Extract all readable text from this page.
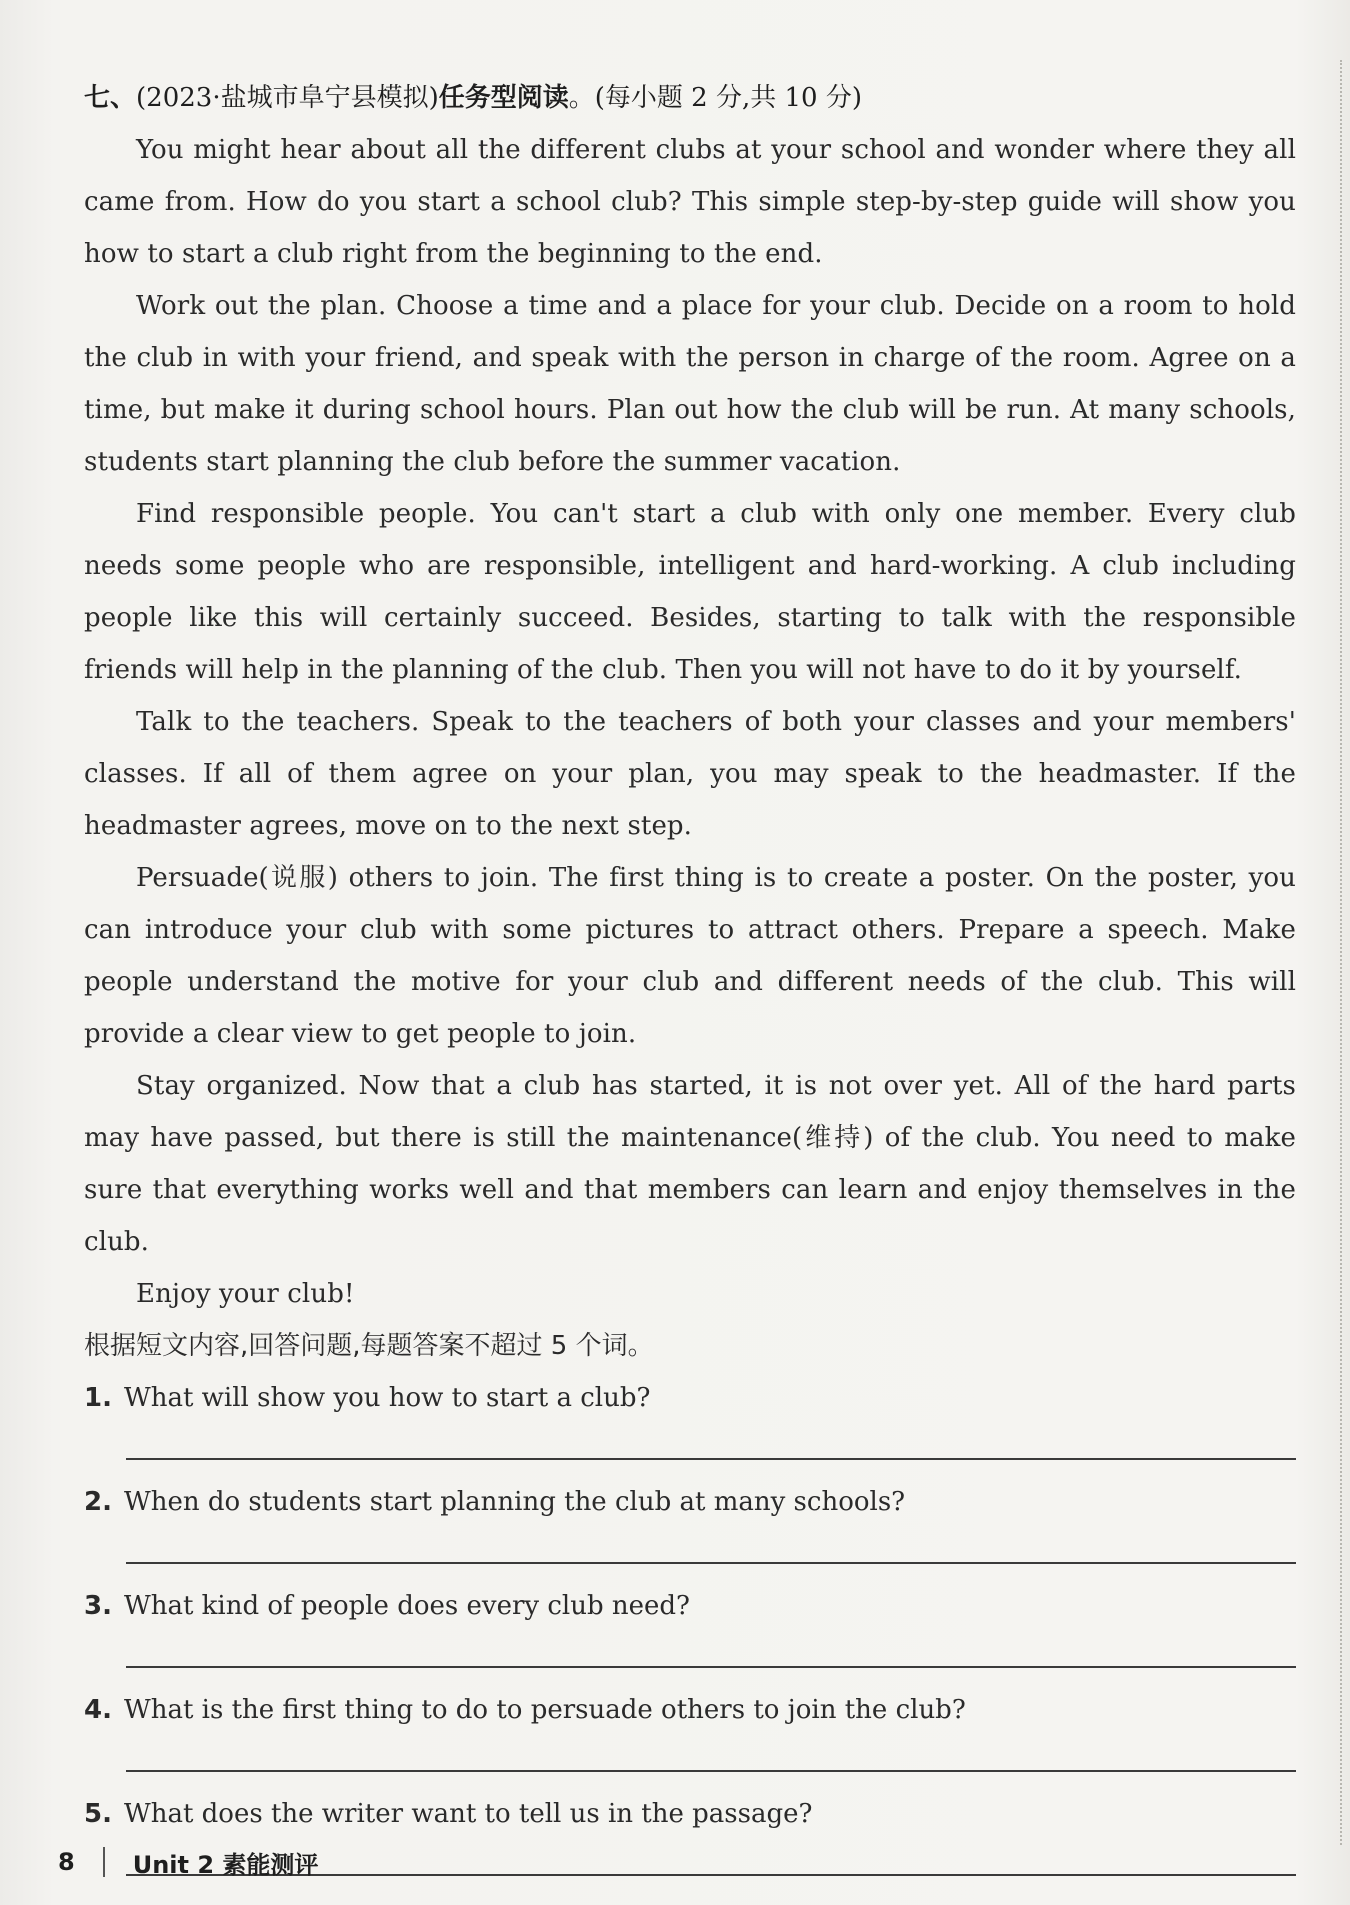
七、(2023·盐城市阜宁县模拟)任务型阅读。(每小题 2 分,共 10 分)

You might hear about all the different clubs at your school and wonder where they all came from. How do you start a school club? This simple step-by-step guide will show you how to start a club right from the beginning to the end.

Work out the plan. Choose a time and a place for your club. Decide on a room to hold the club in with your friend, and speak with the person in charge of the room. Agree on a time, but make it during school hours. Plan out how the club will be run. At many schools, students start planning the club before the summer vacation.

Find responsible people. You can't start a club with only one member. Every club needs some people who are responsible, intelligent and hard-working. A club including people like this will certainly succeed. Besides, starting to talk with the responsible friends will help in the planning of the club. Then you will not have to do it by yourself.

Talk to the teachers. Speak to the teachers of both your classes and your members' classes. If all of them agree on your plan, you may speak to the headmaster. If the headmaster agrees, move on to the next step.

Persuade(说服) others to join. The first thing is to create a poster. On the poster, you can introduce your club with some pictures to attract others. Prepare a speech. Make people understand the motive for your club and different needs of the club. This will provide a clear view to get people to join.

Stay organized. Now that a club has started, it is not over yet. All of the hard parts may have passed, but there is still the maintenance(维持) of the club. You need to make sure that everything works well and that members can learn and enjoy themselves in the club.

Enjoy your club!

根据短文内容,回答问题,每题答案不超过 5 个词。

1. What will show you how to start a club?
2. When do students start planning the club at many schools?
3. What kind of people does every club need?
4. What is the first thing to do to persuade others to join the club?
5. What does the writer want to tell us in the passage?
8 Unit 2 素能测评
